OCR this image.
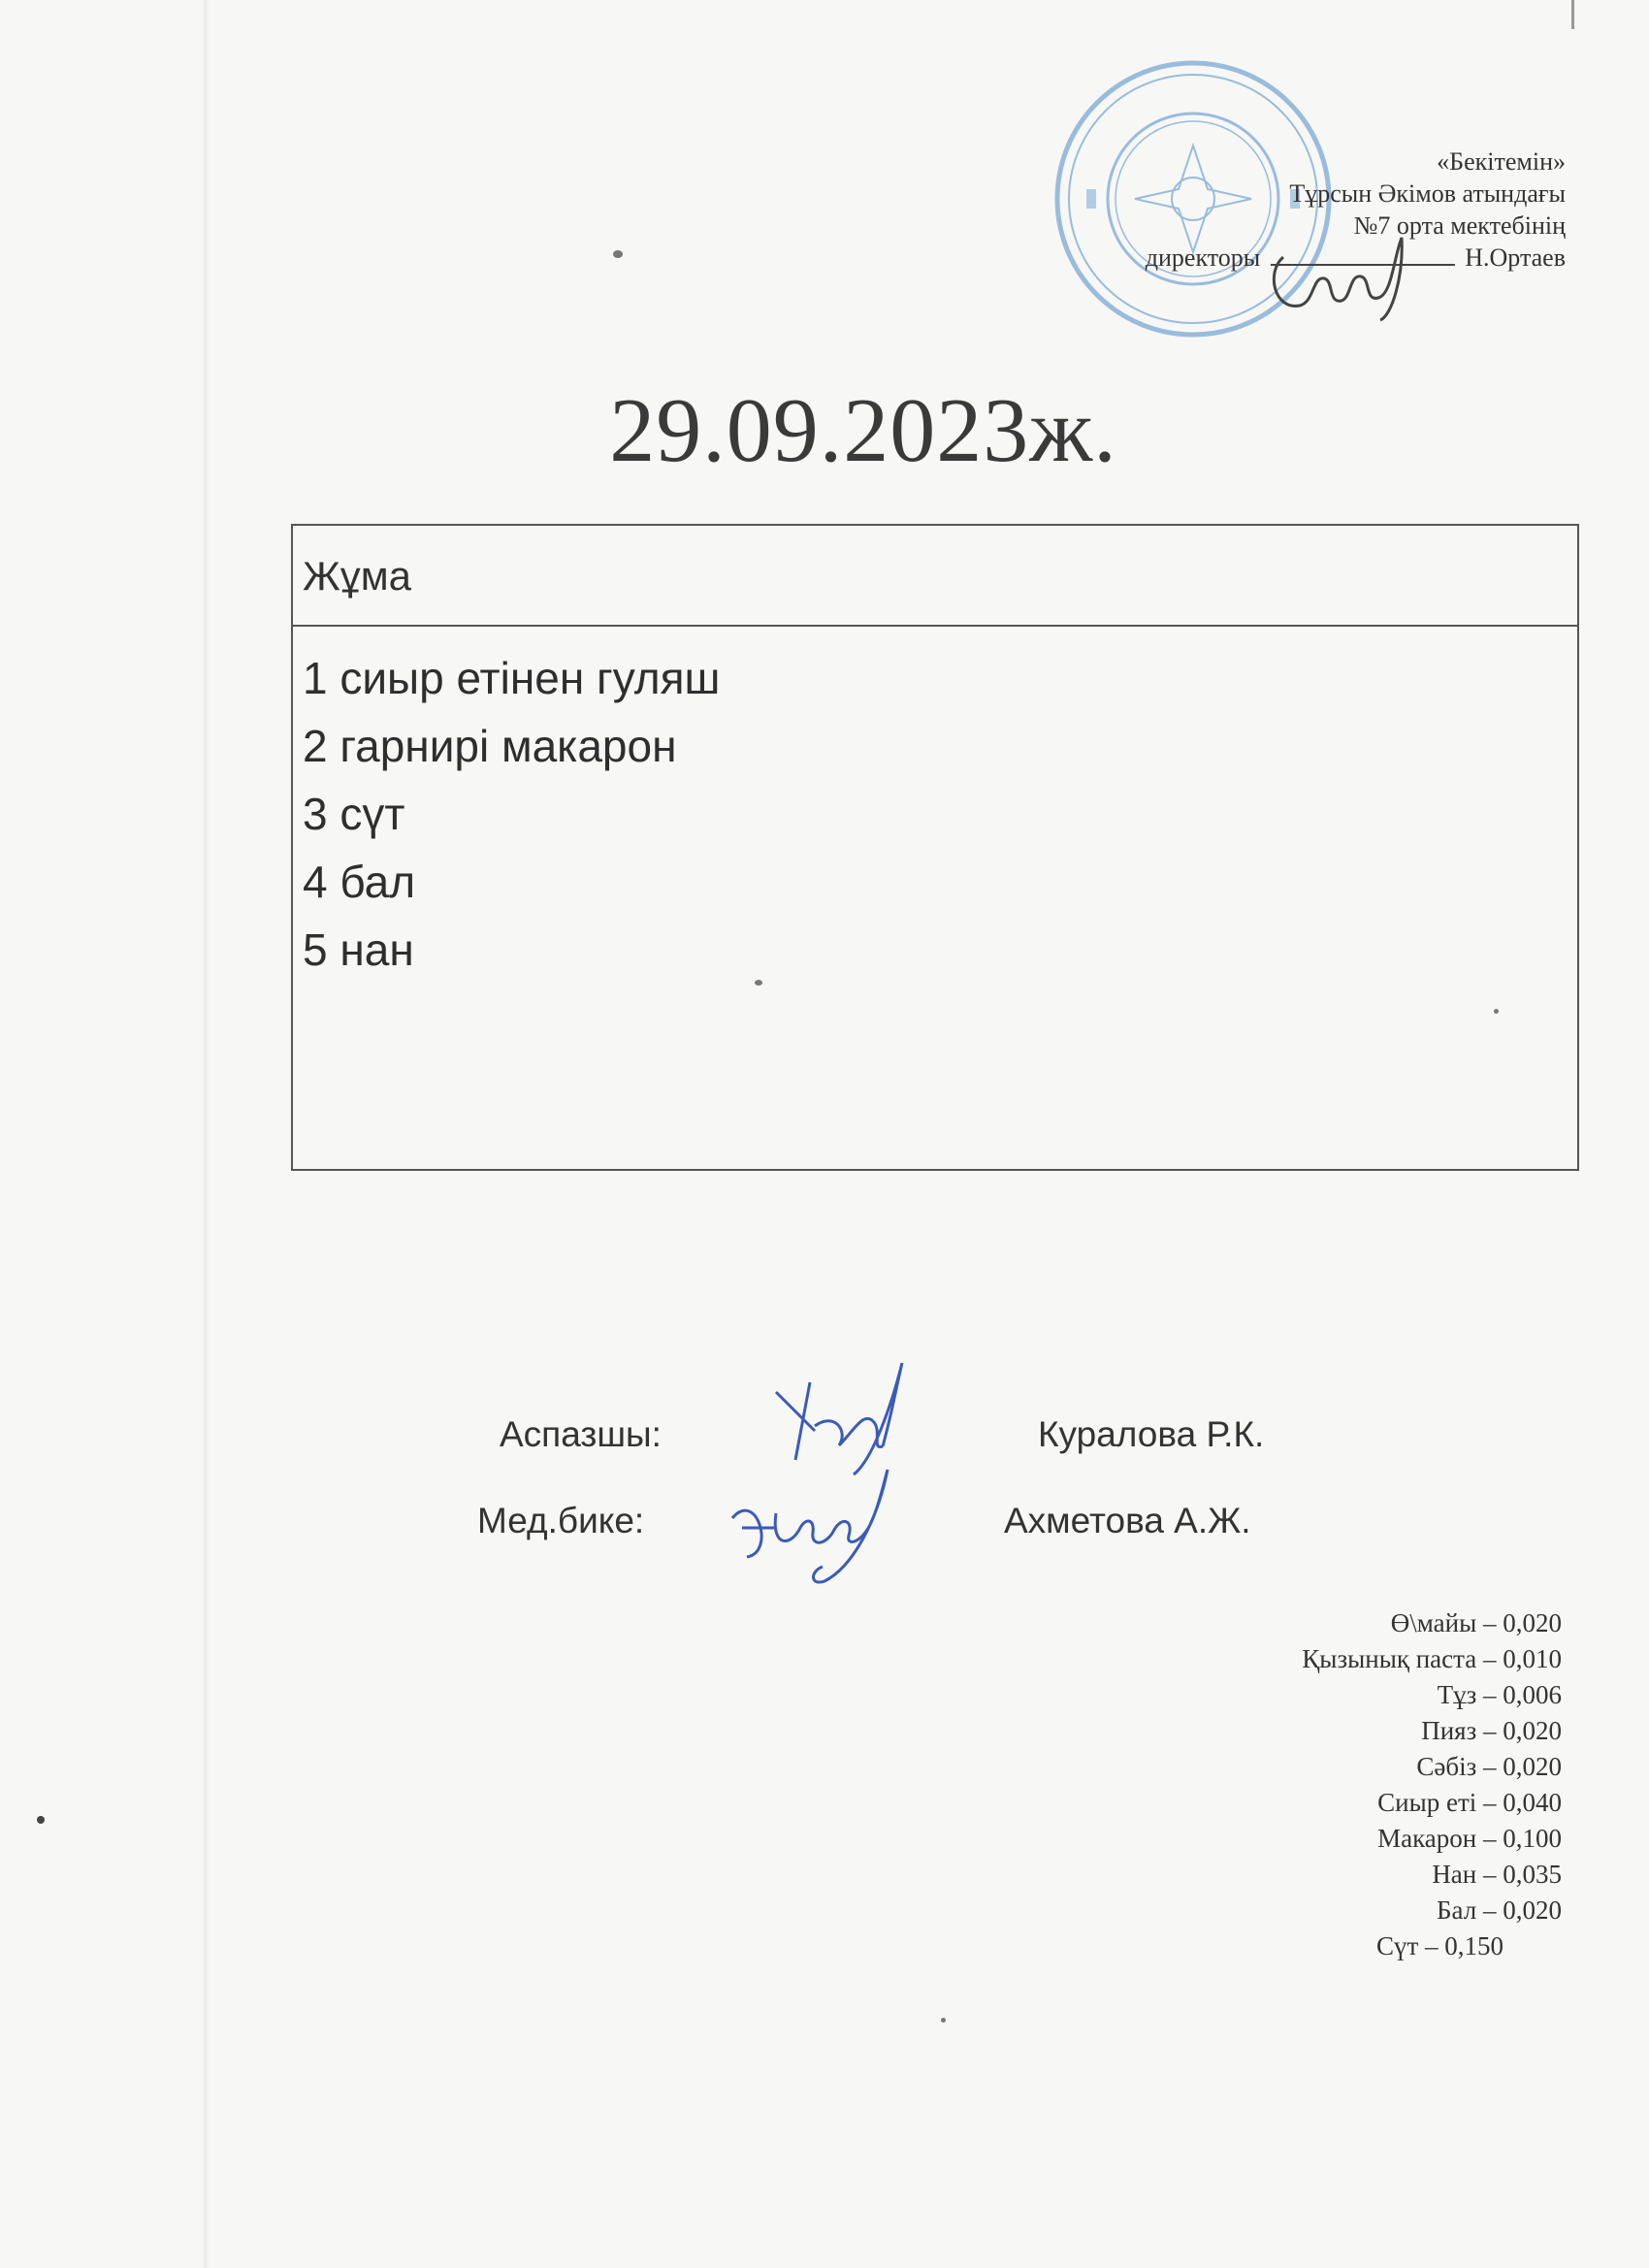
«Бекітемін»
Тұрсын Әкімов атындағы
№7 орта мектебінің
директоры	Н.Ортаев
29.09.2023ж.
Жұма
1 сиыр етінен гуляш
2 гарнирі макарон
3 сүт
4 бал
5 нан
Аспазшы:	Куралова Р.К.
Мед.бике:	Ахметова А.Ж.
Ө\майы – 0,020
Қызынық паста – 0,010
Тұз – 0,006
Пияз – 0,020
Сәбіз – 0,020
Сиыр еті – 0,040
Макарон – 0,100
Нан – 0,035
Бал – 0,020
Сүт – 0,150
